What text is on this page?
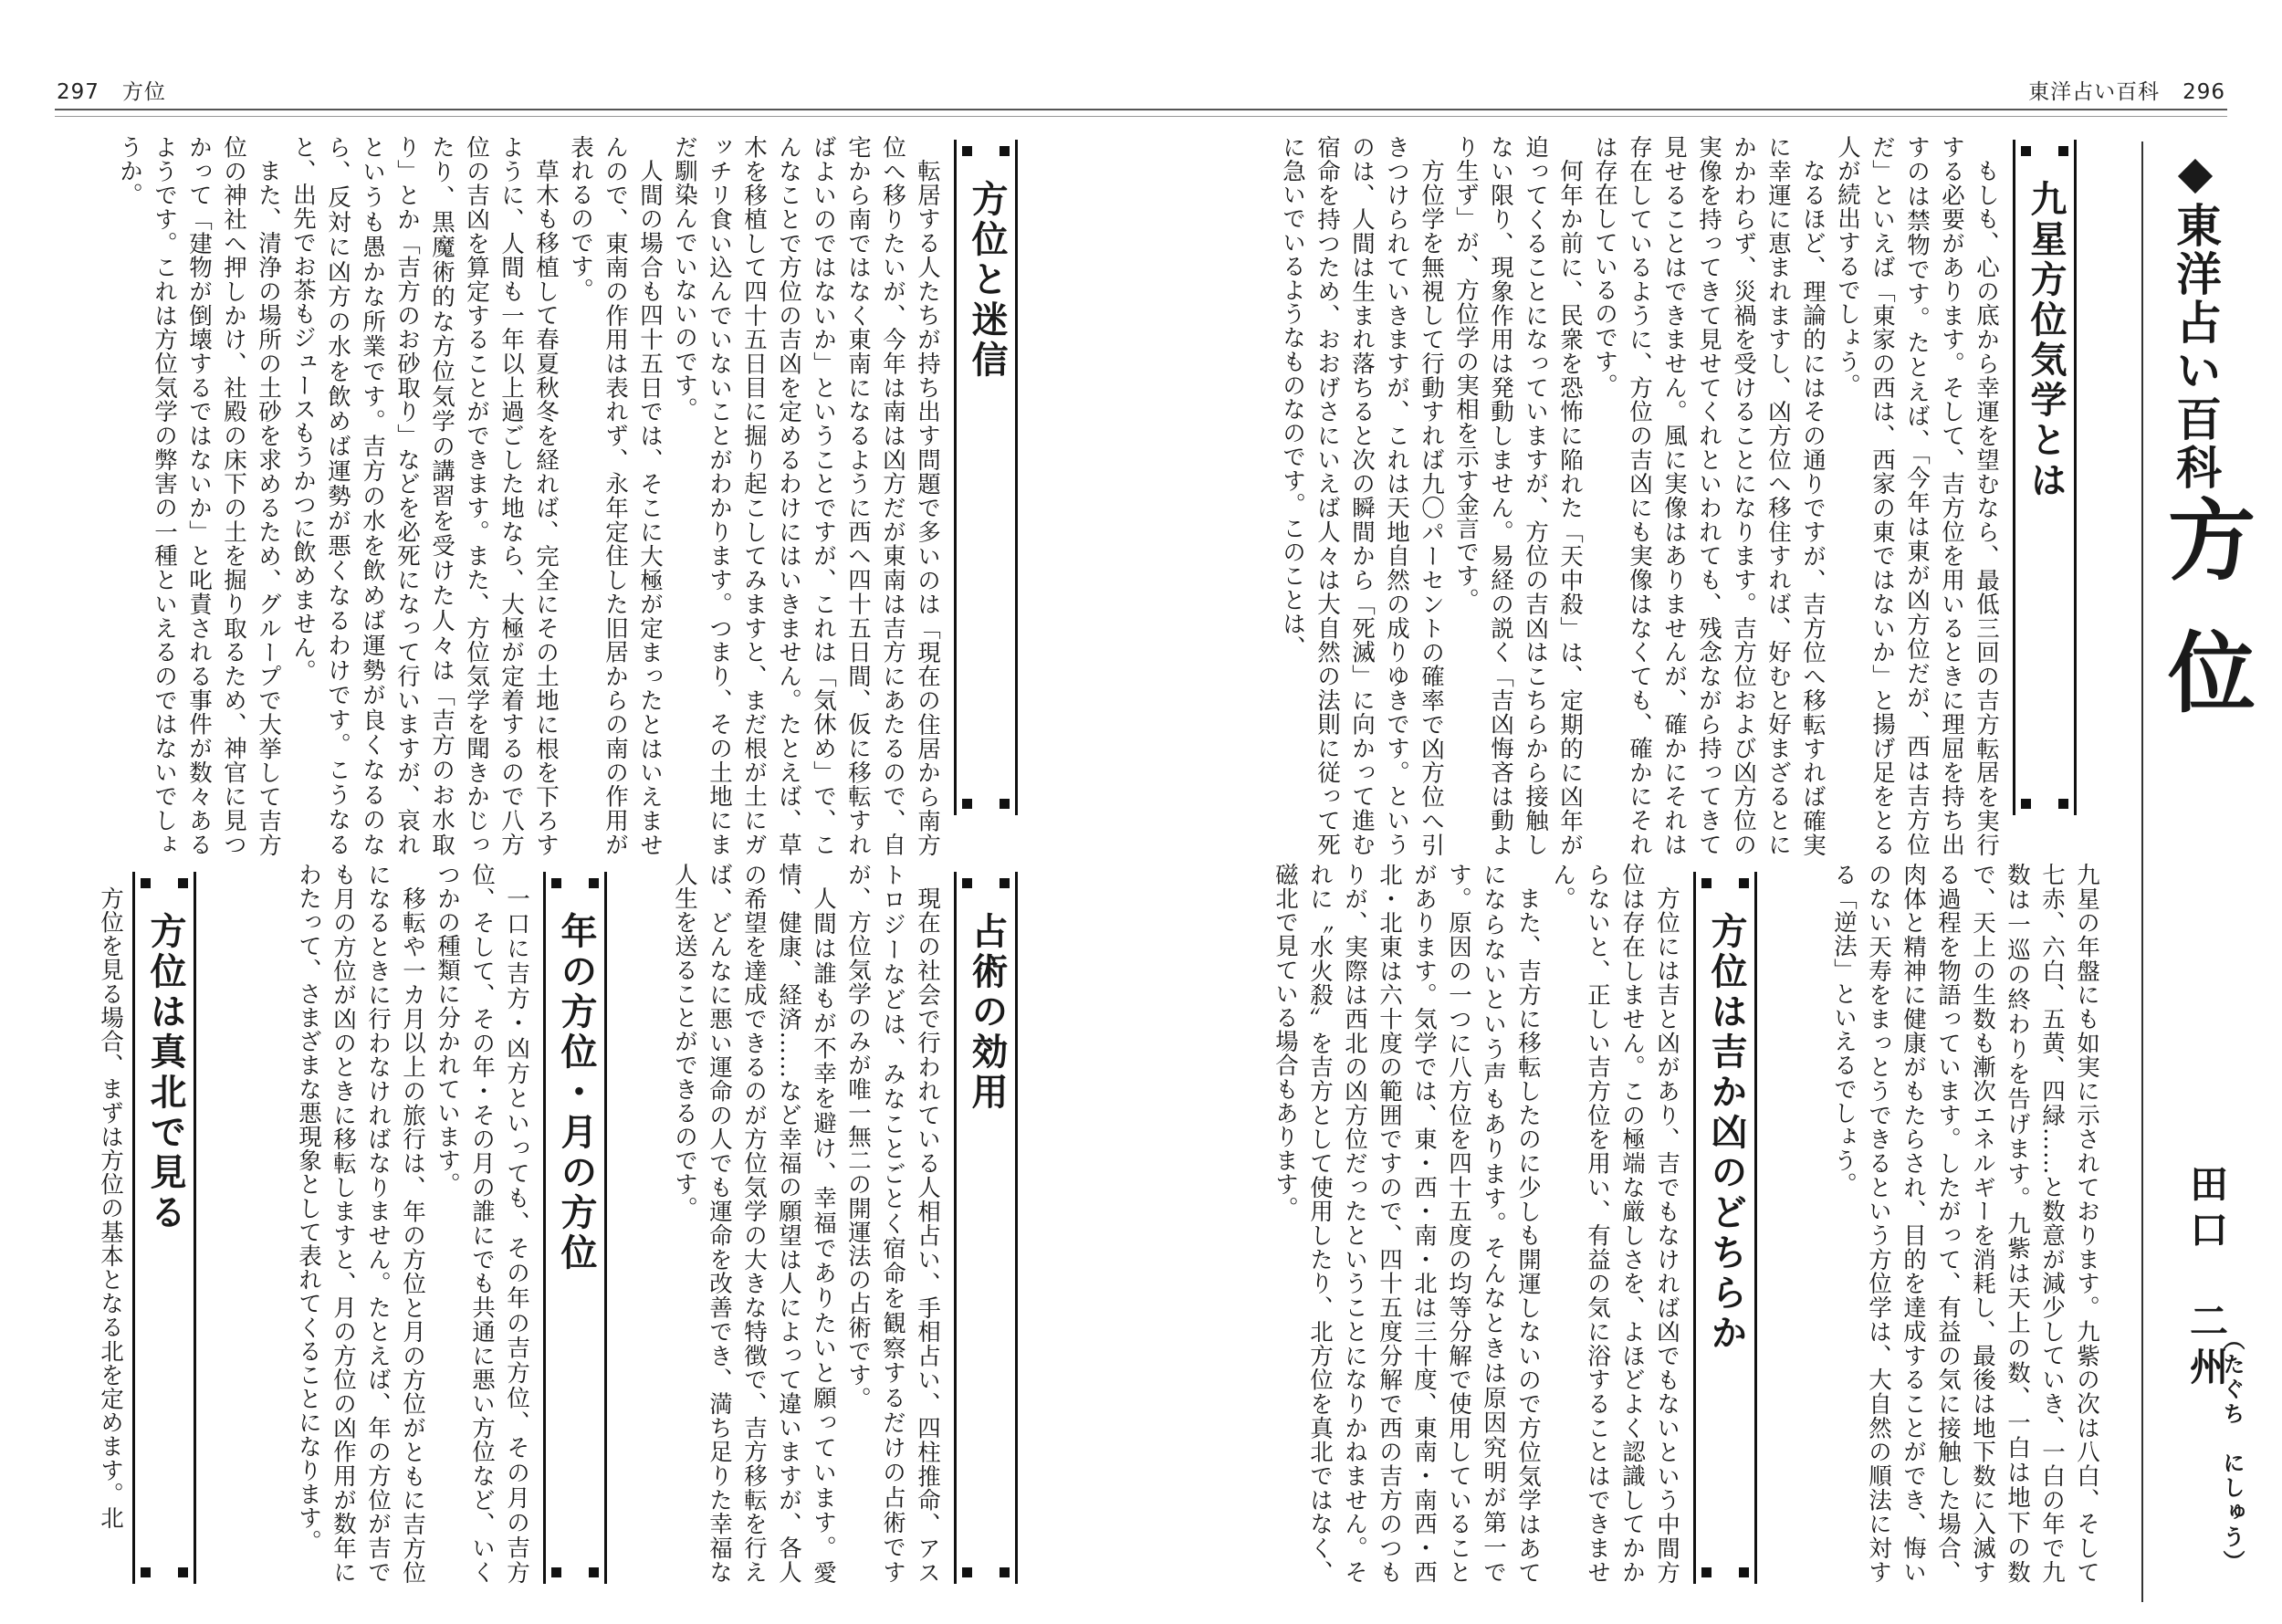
297 方位	東洋占い百科 296
◆東洋占い百科
方
位
田口　二州
（たぐち　にしゅう）
九星方位気学とは

もしも、心の底から幸運を望むなら、最低三回の吉方転居を実行する必要があります。そして、吉方位を用いるときに理屈を持ち出すのは禁物です。たとえば、「今年は東が凶方位だが、西は吉方位だ」といえば「東家の西は、西家の東ではないか」と揚げ足をとる人が続出するでしょう。

なるほど、理論的にはその通りですが、吉方位へ移転すれば確実に幸運に恵まれますし、凶方位へ移住すれば、好むと好まざるとにかかわらず、災禍を受けることになります。吉方位および凶方位の実像を持ってきて見せてくれといわれても、残念ながら持ってきて見せることはできません。風に実像はありませんが、確かにそれは存在しているように、方位の吉凶にも実像はなくても、確かにそれは存在しているのです。

何年か前に、民衆を恐怖に陥れた「天中殺」は、定期的に凶年が迫ってくることになっていますが、方位の吉凶はこちらから接触しない限り、現象作用は発動しません。易経の説く「吉凶悔吝は動より生ず」が、方位学の実相を示す金言です。

方位学を無視して行動すれば九〇パーセントの確率で凶方位へ引きつけられていきますが、これは天地自然の成りゆきです。というのは、人間は生まれ落ちると次の瞬間から「死滅」に向かって進む宿命を持つため、おおげさにいえば人々は大自然の法則に従って死に急いでいるようなものなのです。このことは、

九星の年盤にも如実に示されております。九紫の次は八白、そして七赤、六白、五黄、四緑……と数意が減少していき、一白の年で九数は一巡の終わりを告げます。九紫は天上の数、一白は地下の数で、天上の生数も漸次エネルギーを消耗し、最後は地下数に入滅する過程を物語っています。したがって、有益の気に接触した場合、肉体と精神に健康がもたらされ、目的を達成することができ、悔いのない天寿をまっとうできるという方位学は、大自然の順法に対する「逆法」といえるでしょう。

方位は吉か凶のどちらか

方位には吉と凶があり、吉でもなければ凶でもないという中間方位は存在しません。この極端な厳しさを、よほどよく認識してかからないと、正しい吉方位を用い、有益の気に浴することはできません。

また、吉方に移転したのに少しも開運しないので方位気学はあてにならないという声もあります。そんなときは原因究明が第一です。原因の一つに八方位を四十五度の均等分解で使用していることがあります。気学では、東・西・南・北は三十度、東南・南西・西北・北東は六十度の範囲ですので、四十五度分解で西の吉方のつもりが、実際は西北の凶方位だったということになりかねません。それに〝水火殺〟を吉方として使用したり、北方位を真北ではなく、磁北で見ている場合もあります。

方位と迷信

転居する人たちが持ち出す問題で多いのは「現在の住居から南方位へ移りたいが、今年は南は凶方だが東南は吉方にあたるので、自宅から南ではなく東南になるように西へ四十五日間、仮に移転すればよいのではないか」ということですが、これは「気休め」で、こんなことで方位の吉凶を定めるわけにはいきません。たとえば、草木を移植して四十五日目に掘り起こしてみますと、まだ根が土にガッチリ食い込んでいないことがわかります。つまり、その土地にまだ馴染んでいないのです。

人間の場合も四十五日では、そこに大極が定まったとはいえませんので、東南の作用は表れず、永年定住した旧居からの南の作用が表れるのです。

草木も移植して春夏秋冬を経れば、完全にその土地に根を下ろすように、人間も一年以上過ごした地なら、大極が定着するので八方位の吉凶を算定することができます。また、方位気学を聞きかじったり、黒魔術的な方位気学の講習を受けた人々は「吉方のお水取り」とか「吉方のお砂取り」などを必死になって行いますが、哀れというも愚かな所業です。吉方の水を飲めば運勢が良くなるのなら、反対に凶方の水を飲めば運勢が悪くなるわけです。こうなると、出先でお茶もジュースもうかつに飲めません。

また、清浄の場所の土砂を求めるため、グループで大挙して吉方位の神社へ押しかけ、社殿の床下の土を掘り取るため、神官に見つかって「建物が倒壊するではないか」と叱責される事件が数々あるようです。これは方位気学の弊害の一種といえるのではないでしょうか。

占術の効用

現在の社会で行われている人相占い、手相占い、四柱推命、アストロジーなどは、みなことごとく宿命を観察するだけの占術ですが、方位気学のみが唯一無二の開運法の占術です。

人間は誰もが不幸を避け、幸福でありたいと願っています。愛情、健康、経済……など幸福の願望は人によって違いますが、各人の希望を達成できるのが方位気学の大きな特徴で、吉方移転を行えば、どんなに悪い運命の人でも運命を改善でき、満ち足りた幸福な人生を送ることができるのです。

年の方位・月の方位

一口に吉方・凶方といっても、その年の吉方位、その月の吉方位、そして、その年・その月の誰にでも共通に悪い方位など、いくつかの種類に分かれています。

移転や一カ月以上の旅行は、年の方位と月の方位がともに吉方位になるときに行わなければなりません。たとえば、年の方位が吉でも月の方位が凶のときに移転しますと、月の方位の凶作用が数年にわたって、さまざまな悪現象として表れてくることになります。

方位は真北で見る

方位を見る場合、まずは方位の基本となる北を定めます。北
